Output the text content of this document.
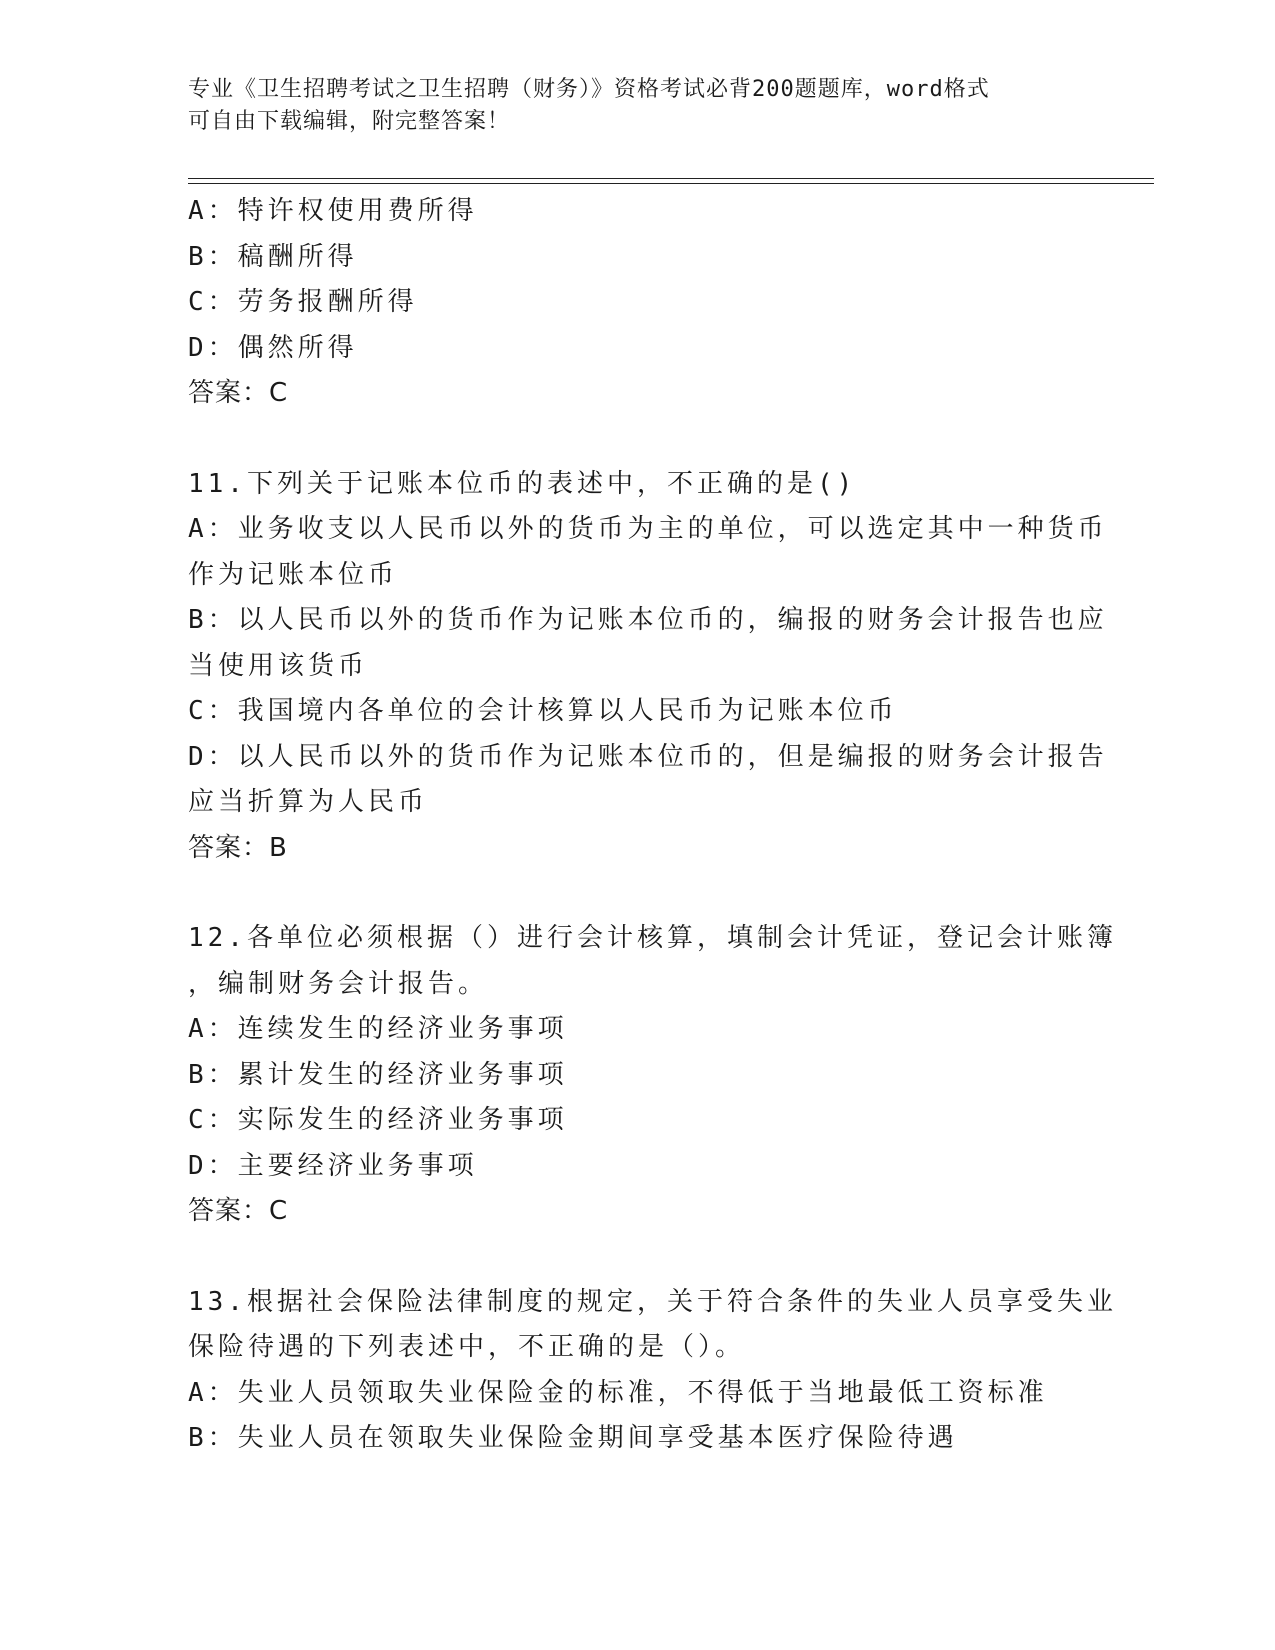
专业《卫生招聘考试之卫生招聘（财务）》资格考试必背200题题库，word格式
可自由下载编辑，附完整答案！
A：特许权使用费所得
B：稿酬所得
C：劳务报酬所得
D：偶然所得
答案：C
11.下列关于记账本位币的表述中，不正确的是()
A：业务收支以人民币以外的货币为主的单位，可以选定其中一种货币
作为记账本位币
B：以人民币以外的货币作为记账本位币的，编报的财务会计报告也应
当使用该货币
C：我国境内各单位的会计核算以人民币为记账本位币
D：以人民币以外的货币作为记账本位币的，但是编报的财务会计报告
应当折算为人民币
答案：B
12.各单位必须根据（）进行会计核算，填制会计凭证，登记会计账簿
，编制财务会计报告。
A：连续发生的经济业务事项
B：累计发生的经济业务事项
C：实际发生的经济业务事项
D：主要经济业务事项
答案：C
13.根据社会保险法律制度的规定，关于符合条件的失业人员享受失业
保险待遇的下列表述中，不正确的是（）。
A：失业人员领取失业保险金的标准，不得低于当地最低工资标准
B：失业人员在领取失业保险金期间享受基本医疗保险待遇
